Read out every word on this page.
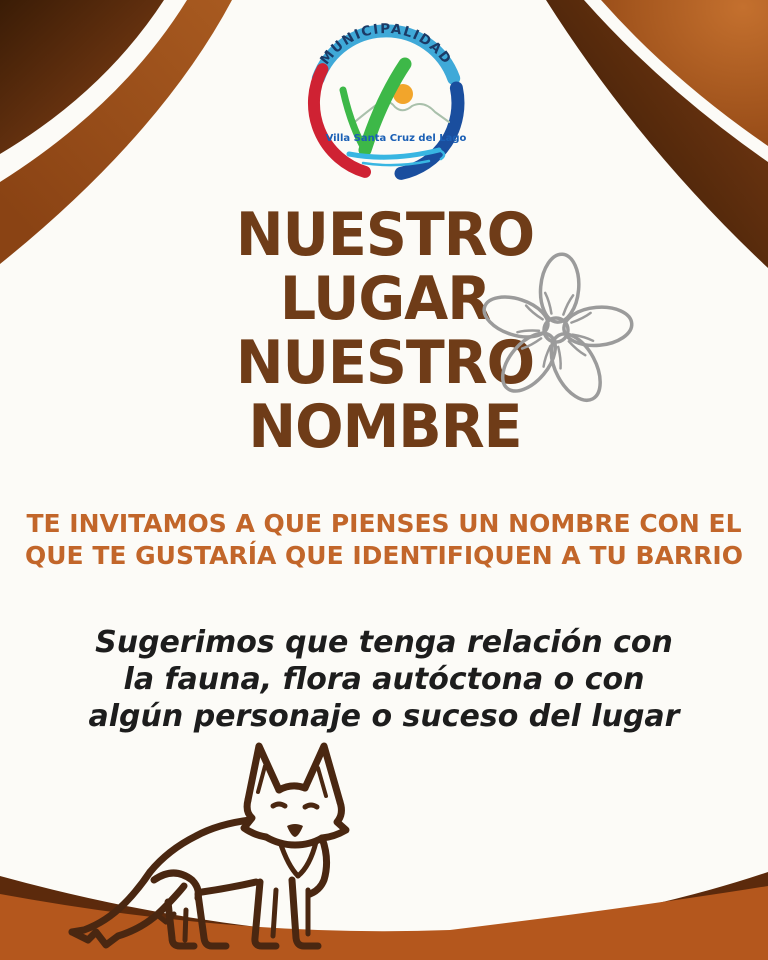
MUNICIPALIDAD
Villa Santa Cruz del Lago
NUESTRO
LUGAR
NUESTRO
NOMBRE
TE INVITAMOS A QUE PIENSES UN NOMBRE CON EL
QUE TE GUSTARÍA QUE IDENTIFIQUEN A TU BARRIO
Sugerimos que tenga relación con
la fauna, flora autóctona o con
algún personaje o suceso del lugar
